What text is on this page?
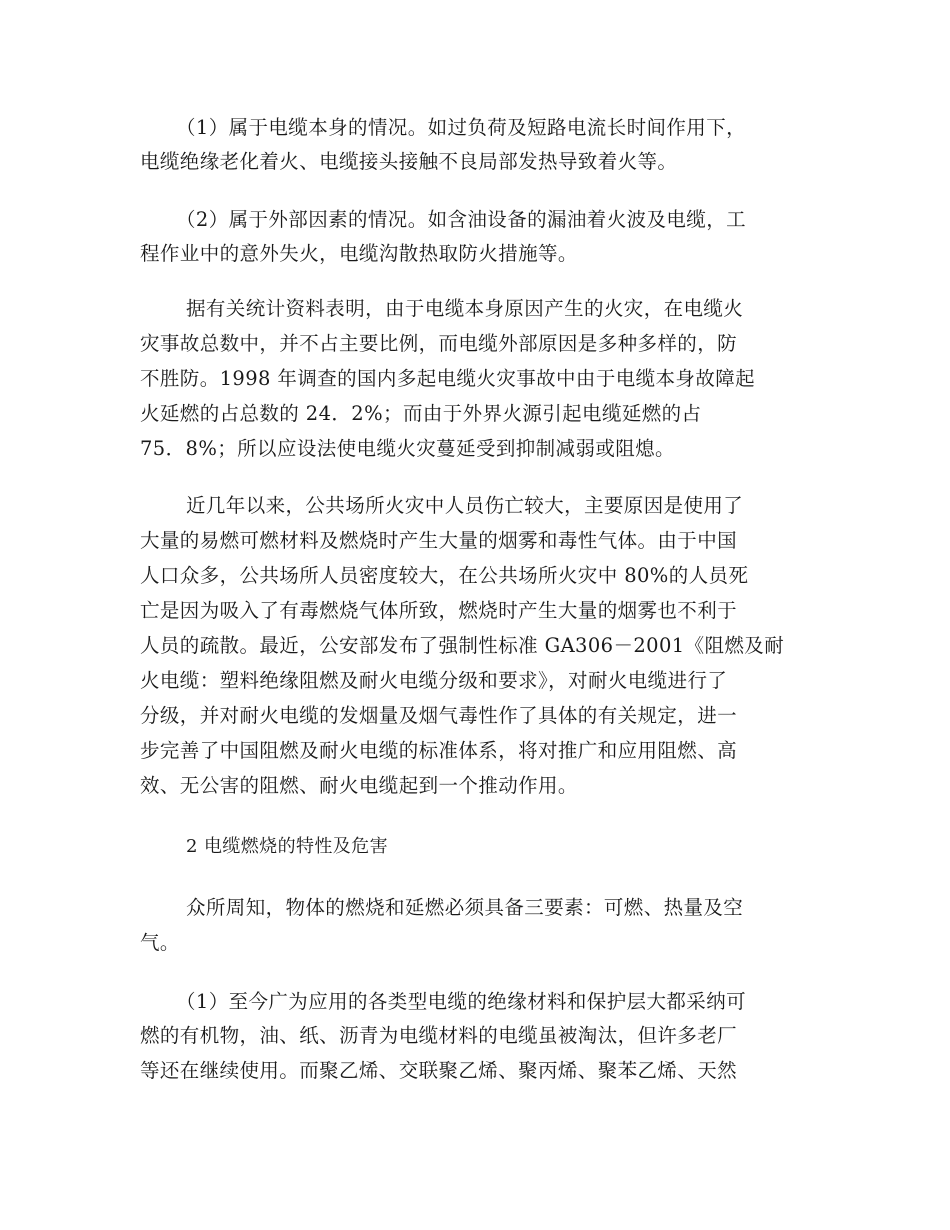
（1）属于电缆本身的情况。如过负荷及短路电流长时间作用下，
电缆绝缘老化着火、电缆接头接触不良局部发热导致着火等。
（2）属于外部因素的情况。如含油设备的漏油着火波及电缆，工
程作业中的意外失火，电缆沟散热取防火措施等。
据有关统计资料表明，由于电缆本身原因产生的火灾，在电缆火
灾事故总数中，并不占主要比例，而电缆外部原因是多种多样的，防
不胜防。1998 年调查的国内多起电缆火灾事故中由于电缆本身故障起
火延燃的占总数的 24．2%；而由于外界火源引起电缆延燃的占
75．8%；所以应设法使电缆火灾蔓延受到抑制减弱或阻熄。
近几年以来，公共场所火灾中人员伤亡较大，主要原因是使用了
大量的易燃可燃材料及燃烧时产生大量的烟雾和毒性气体。由于中国
人口众多，公共场所人员密度较大，在公共场所火灾中 80%的人员死
亡是因为吸入了有毒燃烧气体所致，燃烧时产生大量的烟雾也不利于
人员的疏散。最近，公安部发布了强制性标准 GA306－2001《阻燃及耐
火电缆：塑料绝缘阻燃及耐火电缆分级和要求》，对耐火电缆进行了
分级，并对耐火电缆的发烟量及烟气毒性作了具体的有关规定，进一
步完善了中国阻燃及耐火电缆的标准体系，将对推广和应用阻燃、高
效、无公害的阻燃、耐火电缆起到一个推动作用。
2 电缆燃烧的特性及危害
众所周知，物体的燃烧和延燃必须具备三要素：可燃、热量及空
气。
（1）至今广为应用的各类型电缆的绝缘材料和保护层大都采纳可
燃的有机物，油、纸、沥青为电缆材料的电缆虽被淘汰，但许多老厂
等还在继续使用。而聚乙烯、交联聚乙烯、聚丙烯、聚苯乙烯、天然
